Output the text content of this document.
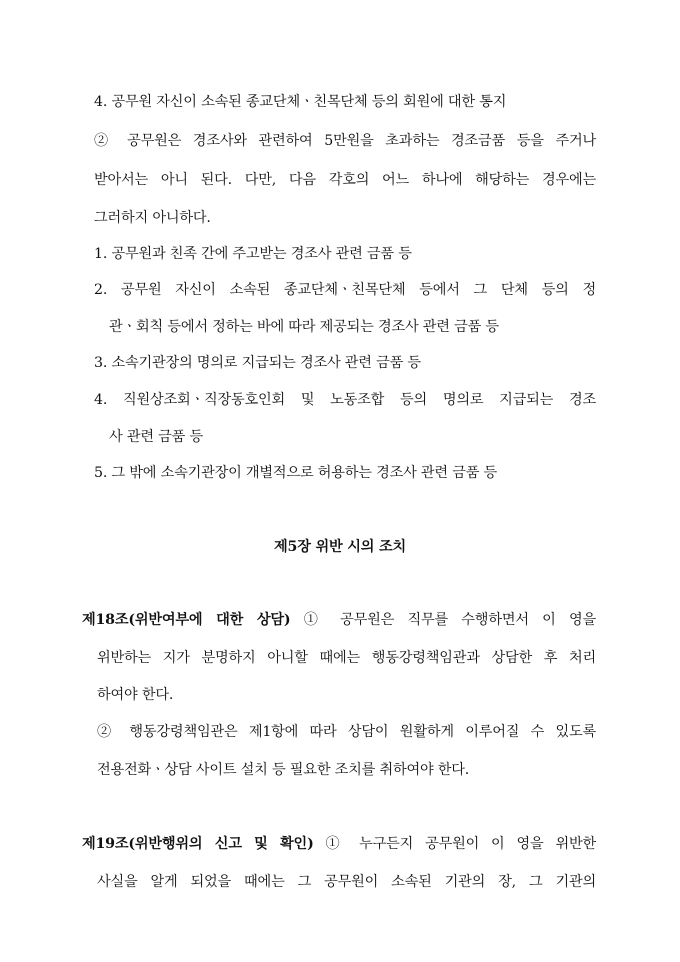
4. 공무원 자신이 소속된 종교단체ㆍ친목단체 등의 회원에 대한 통지
② 공무원은 경조사와 관련하여 5만원을 초과하는 경조금품 등을 주거나
받아서는 아니 된다. 다만, 다음 각호의 어느 하나에 해당하는 경우에는
그러하지 아니하다.
1. 공무원과 친족 간에 주고받는 경조사 관련 금품 등
2. 공무원 자신이 소속된 종교단체ㆍ친목단체 등에서 그 단체 등의 정
관ㆍ회칙 등에서 정하는 바에 따라 제공되는 경조사 관련 금품 등
3. 소속기관장의 명의로 지급되는 경조사 관련 금품 등
4. 직원상조회ㆍ직장동호인회 및 노동조합 등의 명의로 지급되는 경조
사 관련 금품 등
5. 그 밖에 소속기관장이 개별적으로 허용하는 경조사 관련 금품 등
제5장 위반 시의 조치
제18조(위반여부에 대한 상담) ① 공무원은 직무를 수행하면서 이 영을
위반하는 지가 분명하지 아니할 때에는 행동강령책임관과 상담한 후 처리
하여야 한다.
② 행동강령책임관은 제1항에 따라 상담이 원활하게 이루어질 수 있도록
전용전화ㆍ상담 사이트 설치 등 필요한 조치를 취하여야 한다.
제19조(위반행위의 신고 및 확인) ① 누구든지 공무원이 이 영을 위반한
사실을 알게 되었을 때에는 그 공무원이 소속된 기관의 장, 그 기관의
